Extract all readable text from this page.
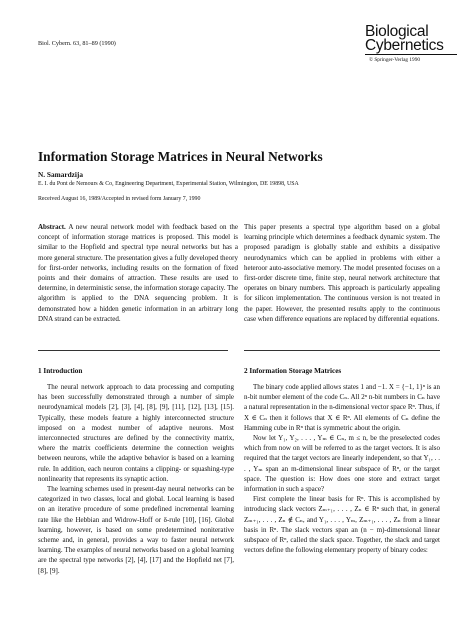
Biol. Cybern. 63, 81–89 (1990)
Biological
Cybernetics
© Springer-Verlag 1990
Information Storage Matrices in Neural Networks
N. Samardzija
E. I. du Pont de Nemours & Co, Engineering Department, Experimental Station, Wilmington, DE 19898, USA
Received August 16, 1989/Accepted in revised form January 7, 1990
Abstract. A new neural network model with feedback based on the concept of information storage matrices is proposed. This model is similar to the Hopfield and spectral type neural networks but has a more general structure. The presentation gives a fully developed theory for first-order networks, including results on the formation of fixed points and their domains of attraction. These results are used to determine, in deterministic sense, the information storage capacity. The algorithm is applied to the DNA sequencing problem. It is demonstrated how a hidden genetic information in an arbitrary long DNA strand can be extracted.
This paper presents a spectral type algorithm based on a global learning principle which determines a feedback dynamic system. The proposed paradigm is globally stable and exhibits a dissipative neurodynamics which can be applied in problems with either a heteroor auto-associative memory. The model presented focuses on a first-order discrete time, finite step, neural network architecture that operates on binary numbers. This approach is particularly appealing for silicon implementation. The continuous version is not treated in the paper. However, the presented results apply to the continuous case when difference equations are replaced by differential equations.
1 Introduction	2 Information Storage Matrices

The neural network approach to data processing and computing has been successfully demonstrated through a number of simple neurodynamical models [2], [3], [4], [8], [9], [11], [12], [13], [15]. Typically, these models feature a highly interconnected structure imposed on a modest number of adaptive neurons. Most interconnected structures are defined by the connectivity matrix, where the matrix coefficients determine the connection weights between neurons, while the adaptive behavior is based on a learning rule. In addition, each neuron contains a clipping- or squashing-type nonlinearity that represents its synaptic action.

The learning schemes used in present-day neural networks can be categorized in two classes, local and global. Local learning is based on an iterative procedure of some predefined incremental learning rate like the Hebbian and Widrow-Hoff or δ-rule [10], [16]. Global learning, however, is based on some predetermined noniterative scheme and, in general, provides a way to faster neural network learning. The examples of neural networks based on a global learning are the spectral type networks [2], [4], [17] and the Hopfield net [7], [8], [9].

The binary code applied allows states 1 and −1. X = {−1, 1}ⁿ is an n-bit number element of the code Cₙ. All 2ⁿ n-bit numbers in Cₙ have a natural representation in the n-dimensional vector space Rⁿ. Thus, if X ∈ Cₙ then it follows that X ∈ Rⁿ. All elements of Cₙ define the Hamming cube in Rⁿ that is symmetric about the origin.

Now let Y₁, Y₂, . . . , Yₘ ∈ Cₙ, m ≤ n, be the preselected codes which from now on will be referred to as the target vectors. It is also required that the target vectors are linearly independent, so that Y₁, . . . , Yₘ span an m-dimensional linear subspace of Rⁿ, or the target space. The question is: How does one store and extract target information in such a space?

First complete the linear basis for Rⁿ. This is accomplished by introducing slack vectors Zₘ₊₁, . . . , Zₙ ∈ Rⁿ such that, in general Zₘ₊₁, . . . , Zₙ ∉ Cₙ, and Y₁, . . . , Yₘ, Zₘ₊₁, . . . , Zₙ from a linear basis in Rⁿ. The slack vectors span an (n − m)-dimensional linear subspace of Rⁿ, called the slack space. Together, the slack and target vectors define the following elementary property of binary codes:
